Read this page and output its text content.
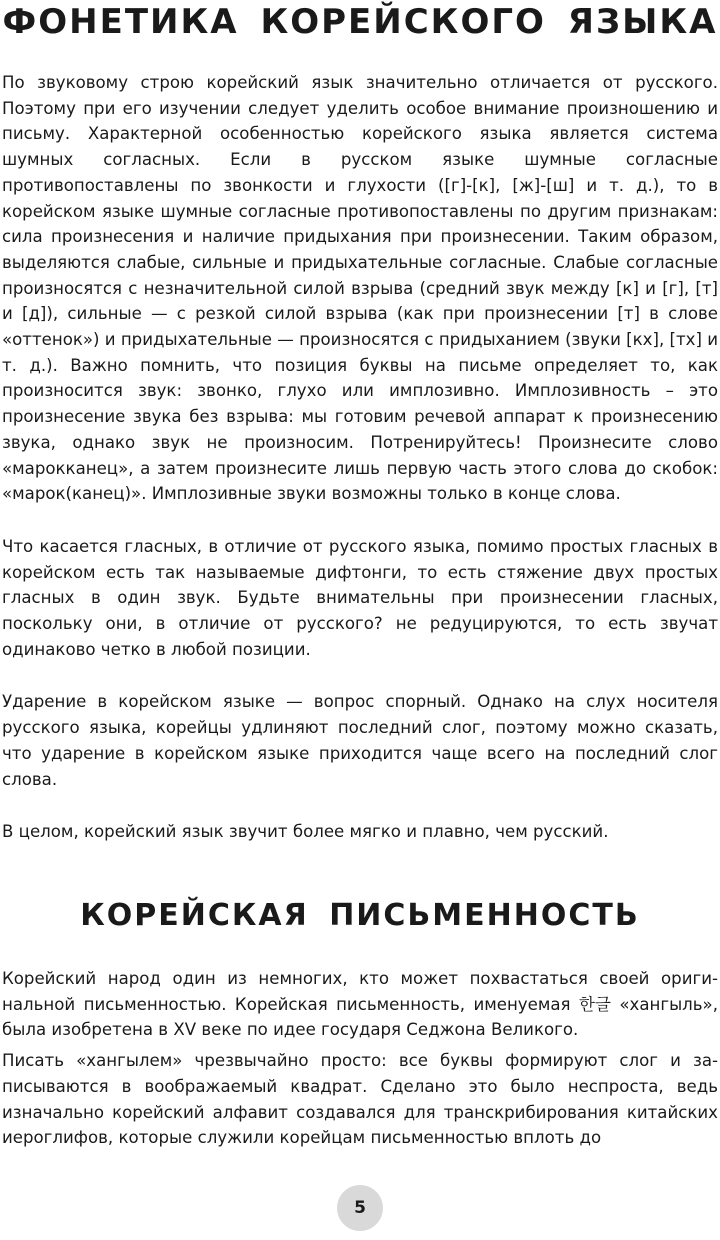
ФОНЕТИКА КОРЕЙСКОГО ЯЗЫКА

По звуковому строю корейский язык значительно отличается от русского. Поэтому при его изучении следует уделить особое внимание произношению и письму. Характерной особенностью корейского языка является система шумных согласных. Если в русском языке шумные согласные противопоставлены по звонкости и глухости ([г]-[к], [ж]-[ш] и т. д.), то в корейском языке шумные согласные противопоставлены по другим признакам: сила произнесения и наличие придыхания при произнесении. Таким образом, выделяются слабые, сильные и придыхательные согласные. Слабые согласные произносятся с незначительной силой взрыва (средний звук между [к] и [г], [т] и [д]), сильные — с резкой силой взрыва (как при произнесении [т] в слове «оттенок») и придыхательные — произносятся с придыханием (звуки [кх], [тх] и т. д.). Важно помнить, что позиция буквы на письме определяет то, как произносится звук: звонко, глухо или имплозивно. Имплозивность – это произнесение звука без взрыва: мы готовим речевой аппарат к произнесению звука, однако звук не произносим. Потренируйтесь! Произнесите слово «марокканец», а затем произнесите лишь первую часть этого слова до скобок: «марок(канец)». Имплозивные звуки возможны только в конце слова.

Что касается гласных, в отличие от русского языка, помимо простых гласных в корейском есть так называемые дифтонги, то есть стяжение двух простых гласных в один звук. Будьте внимательны при произнесении гласных, поскольку они, в отличие от русского? не редуцируются, то есть звучат одинаково четко в любой позиции.

Ударение в корейском языке — вопрос спорный. Однако на слух носителя русского языка, корейцы удлиняют последний слог, поэтому можно сказать, что ударение в корейском языке приходится чаще всего на последний слог слова.

В целом, корейский язык звучит более мягко и плавно, чем русский.

КОРЕЙСКАЯ ПИСЬМЕННОСТЬ

Корейский народ один из немногих, кто может похвастаться своей оригинальной письменностью. Корейская письменность, именуемая 한글 «хангыль», была изобретена в XV веке по идее государя Седжона Великого.

Писать «хангылем» чрезвычайно просто: все буквы формируют слог и записываются в воображаемый квадрат. Сделано это было неспроста, ведь изначально корейский алфавит создавался для транскрибирования китайских иероглифов, которые служили корейцам письменностью вплоть до

5
